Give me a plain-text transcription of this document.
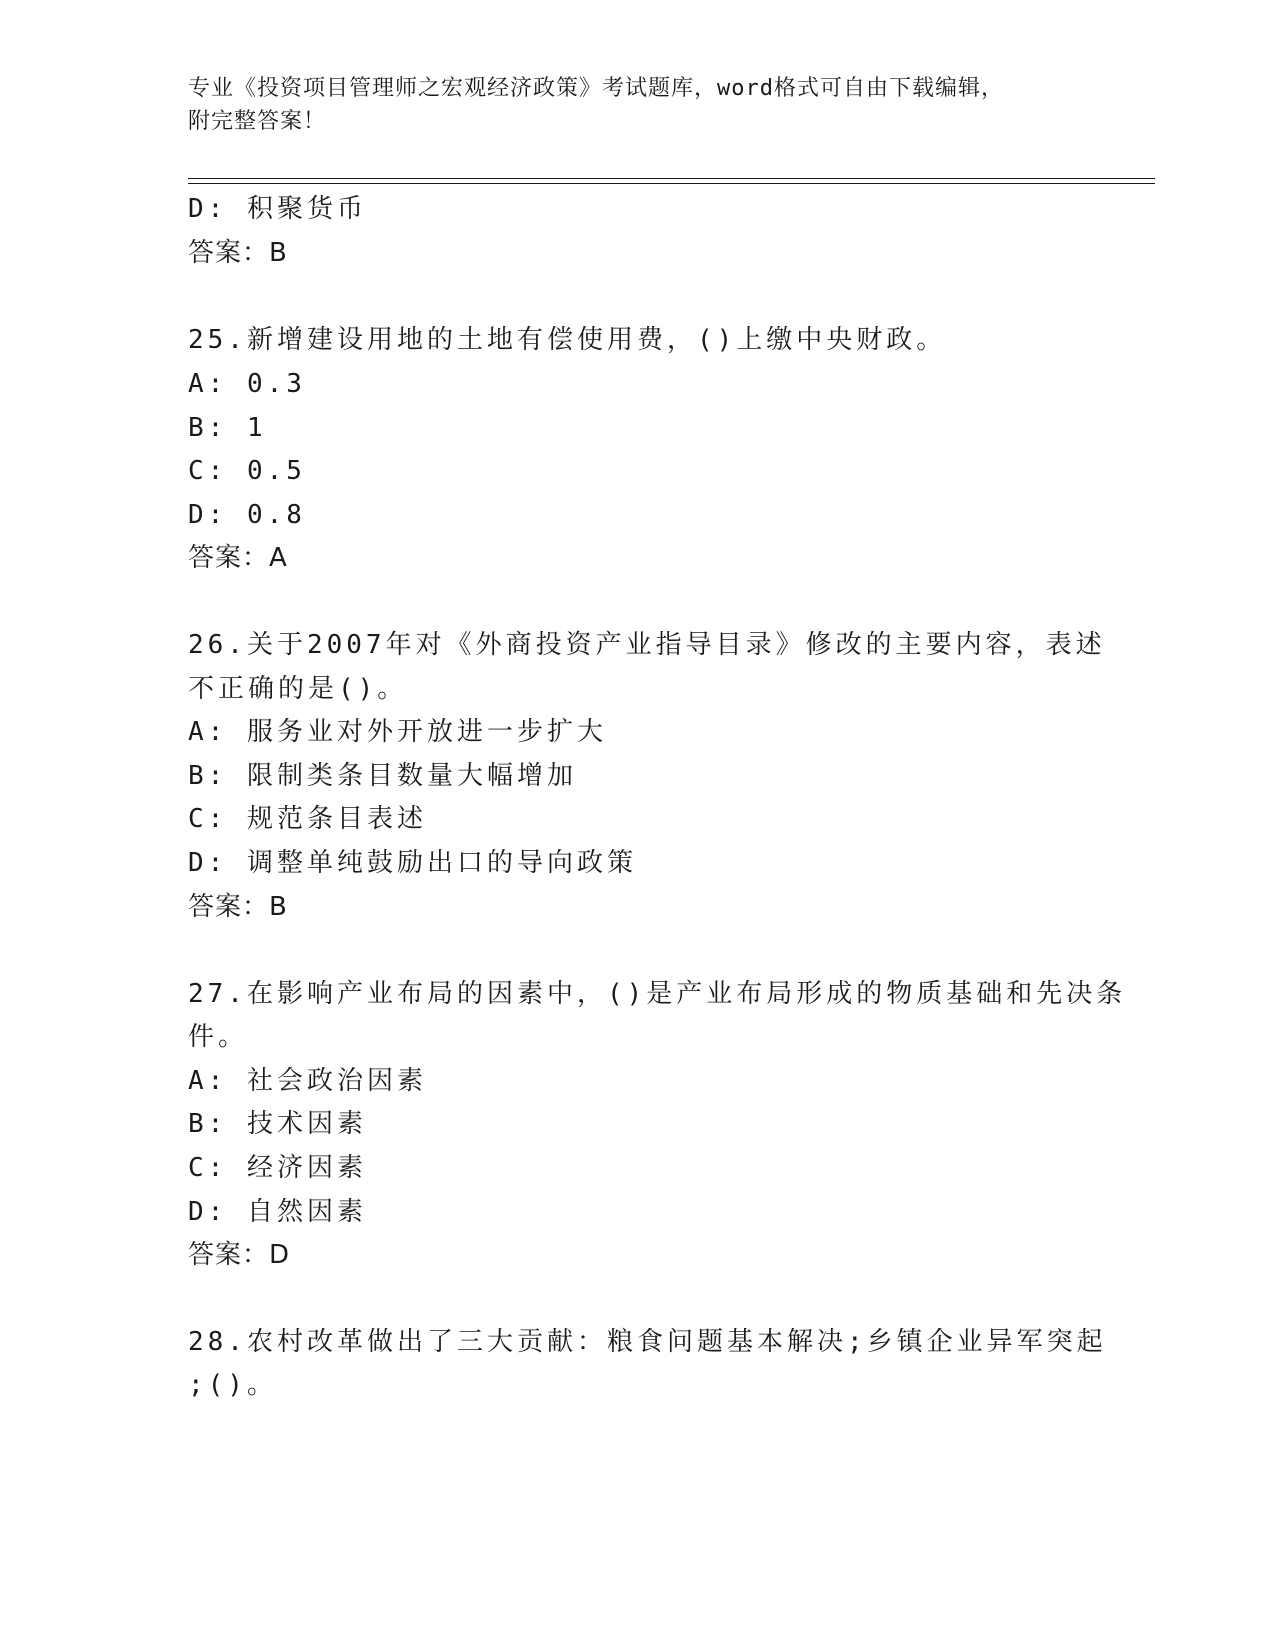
专业《投资项目管理师之宏观经济政策》考试题库，word格式可自由下载编辑，
附完整答案！
D: 积聚货币
答案：B
25.新增建设用地的土地有偿使用费，()上缴中央财政。
A: 0.3
B: 1
C: 0.5
D: 0.8
答案：A
26.关于2007年对《外商投资产业指导目录》修改的主要内容，表述
不正确的是()。
A: 服务业对外开放进一步扩大
B: 限制类条目数量大幅增加
C: 规范条目表述
D: 调整单纯鼓励出口的导向政策
答案：B
27.在影响产业布局的因素中，()是产业布局形成的物质基础和先决条
件。
A: 社会政治因素
B: 技术因素
C: 经济因素
D: 自然因素
答案：D
28.农村改革做出了三大贡献：粮食问题基本解决;乡镇企业异军突起
;()。
